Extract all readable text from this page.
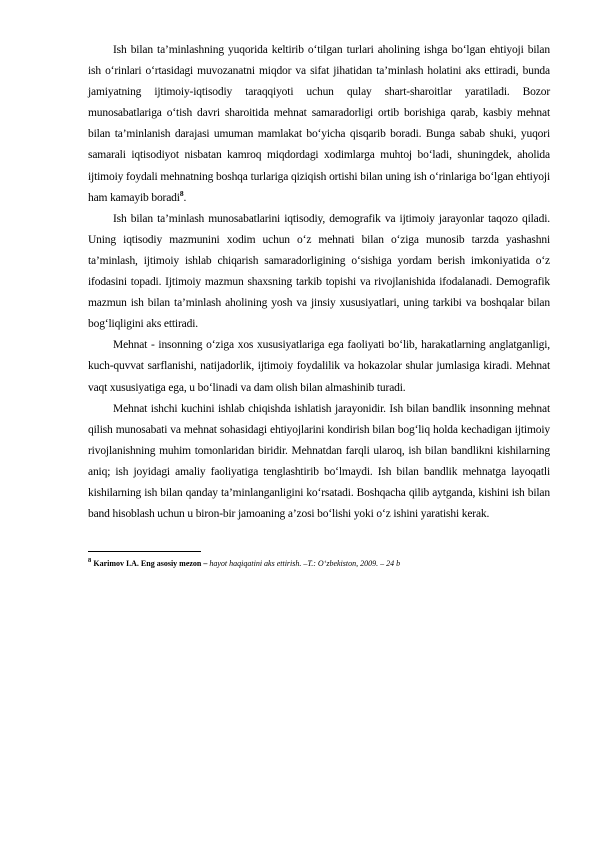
Ish bilan ta’minlashning yuqorida keltirib o‘tilgan turlari aholining ishga bo‘lgan ehtiyoji bilan ish o‘rinlari o‘rtasidagi muvozanatni miqdor va sifat jihatidan ta’minlash holatini aks ettiradi, bunda jamiyatning ijtimoiy-iqtisodiy taraqqiyoti uchun qulay shart-sharoitlar yaratiladi. Bozor munosabatlariga o‘tish davri sharoitida mehnat samaradorligi ortib borishiga qarab, kasbiy mehnat bilan ta’minlanish darajasi umuman mamlakat bo‘yicha qisqarib boradi. Bunga sabab shuki, yuqori samarali iqtisodiyot nisbatan kamroq miqdordagi xodimlarga muhtoj bo‘ladi, shuningdek, aholida ijtimoiy foydali mehnatning boshqa turlariga qiziqish ortishi bilan uning ish o‘rinlariga bo‘lgan ehtiyoji ham kamayib boradi$^8$.

Ish bilan ta’minlash munosabatlarini iqtisodiy, demografik va ijtimoiy jarayonlar taqozo qiladi. Uning iqtisodiy mazmunini xodim uchun o‘z mehnati bilan o‘ziga munosib tarzda yashashni ta’minlash, ijtimoiy ishlab chiqarish samaradorligining o‘sishiga yordam berish imkoniyatida o‘z ifodasini topadi. Ijtimoiy mazmun shaxsning tarkib topishi va rivojlanishida ifodalanadi. Demografik mazmun ish bilan ta’minlash aholining yosh va jinsiy xususiyatlari, uning tarkibi va boshqalar bilan bog‘liqligini aks ettiradi.

Mehnat - insonning o‘ziga xos xususiyatlariga ega faoliyati bo‘lib, harakatlarning anglatganligi, kuch-quvvat sarflanishi, natijadorlik, ijtimoiy foydalilik va hokazolar shular jumlasiga kiradi. Mehnat vaqt xususiyatiga ega, u bo‘linadi va dam olish bilan almashinib turadi.

Mehnat ishchi kuchini ishlab chiqishda ishlatish jarayonidir. Ish bilan bandlik insonning mehnat qilish munosabati va mehnat sohasidagi ehtiyojlarini kondirish bilan bog‘liq holda kechadigan ijtimoiy rivojlanishning muhim tomonlaridan biridir. Mehnatdan farqli ularoq, ish bilan bandlikni kishilarning aniq; ish joyidagi amaliy faoliyatiga tenglashtirib bo‘lmaydi. Ish bilan bandlik mehnatga layoqatli kishilarning ish bilan qanday ta’minlanganligini ko‘rsatadi. Boshqacha qilib aytganda, kishini ish bilan band hisoblash uchun u biron-bir jamoaning a’zosi bo‘lishi yoki o‘z ishini yaratishi kerak.

$^8$ Karimov I.A. Eng asosiy mezon – hayot haqiqatini aks ettirish. –T.: O‘zbekiston, 2009. – 24 b
